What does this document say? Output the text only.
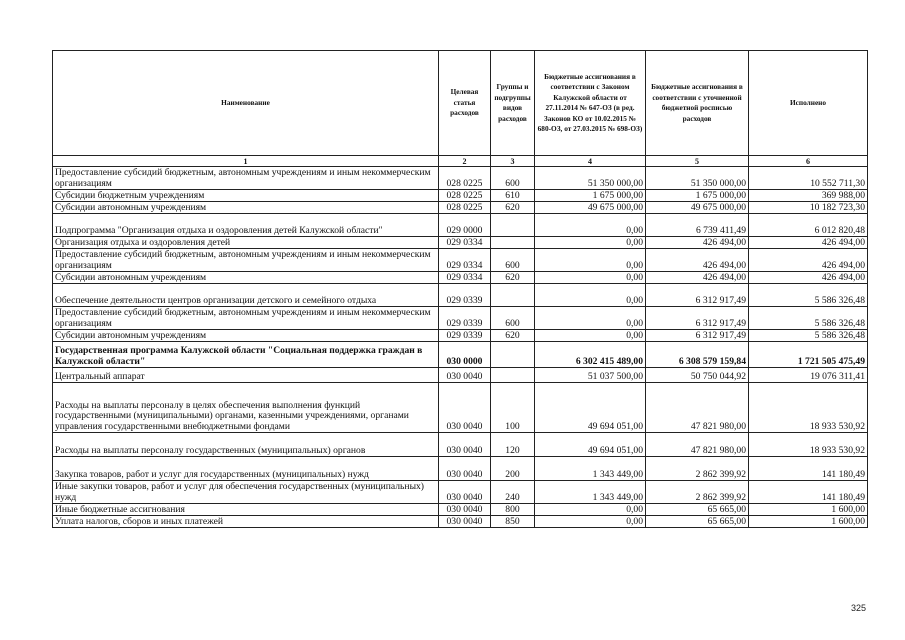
Наименование	Целевая статья расходов	Группы и подгруппы видов расходов	Бюджетные ассигнования в соответствии с Законом Калужской области от 27.11.2014 № 647-ОЗ (в ред. Законов КО от 10.02.2015 № 680-ОЗ, от 27.03.2015 № 698-ОЗ)	Бюджетные ассигнования в соответствии с уточненной бюджетной росписью расходов	Исполнено
1	2	3	4	5	6
Предоставление субсидий бюджетным, автономным учреждениям и иным некоммерческим организациям	028 0225	600	51 350 000,00	51 350 000,00	10 552 711,30
Субсидии бюджетным учреждениям	028 0225	610	1 675 000,00	1 675 000,00	369 988,00
Субсидии автономным учреждениям	028 0225	620	49 675 000,00	49 675 000,00	10 182 723,30
Подпрограмма "Организация отдыха и оздоровления детей Калужской области"	029 0000		0,00	6 739 411,49	6 012 820,48
Организация отдыха и оздоровления детей	029 0334		0,00	426 494,00	426 494,00
Предоставление субсидий бюджетным, автономным учреждениям и иным некоммерческим организациям	029 0334	600	0,00	426 494,00	426 494,00
Субсидии автономным учреждениям	029 0334	620	0,00	426 494,00	426 494,00
Обеспечение деятельности центров организации детского и семейного отдыха	029 0339		0,00	6 312 917,49	5 586 326,48
Предоставление субсидий бюджетным, автономным учреждениям и иным некоммерческим организациям	029 0339	600	0,00	6 312 917,49	5 586 326,48
Субсидии автономным учреждениям	029 0339	620	0,00	6 312 917,49	5 586 326,48
Государственная программа Калужской области "Социальная поддержка граждан в Калужской области"	030 0000		6 302 415 489,00	6 308 579 159,84	1 721 505 475,49
Центральный аппарат	030 0040		51 037 500,00	50 750 044,92	19 076 311,41
Расходы на выплаты персоналу в целях обеспечения выполнения функций государственными (муниципальными) органами, казенными учреждениями, органами управления государственными внебюджетными фондами	030 0040	100	49 694 051,00	47 821 980,00	18 933 530,92
Расходы на выплаты персоналу государственных (муниципальных) органов	030 0040	120	49 694 051,00	47 821 980,00	18 933 530,92
Закупка товаров, работ и услуг для государственных (муниципальных) нужд	030 0040	200	1 343 449,00	2 862 399,92	141 180,49
Иные закупки товаров, работ и услуг для обеспечения государственных (муниципальных) нужд	030 0040	240	1 343 449,00	2 862 399,92	141 180,49
Иные бюджетные ассигнования	030 0040	800	0,00	65 665,00	1 600,00
Уплата налогов, сборов и иных платежей	030 0040	850	0,00	65 665,00	1 600,00
325
